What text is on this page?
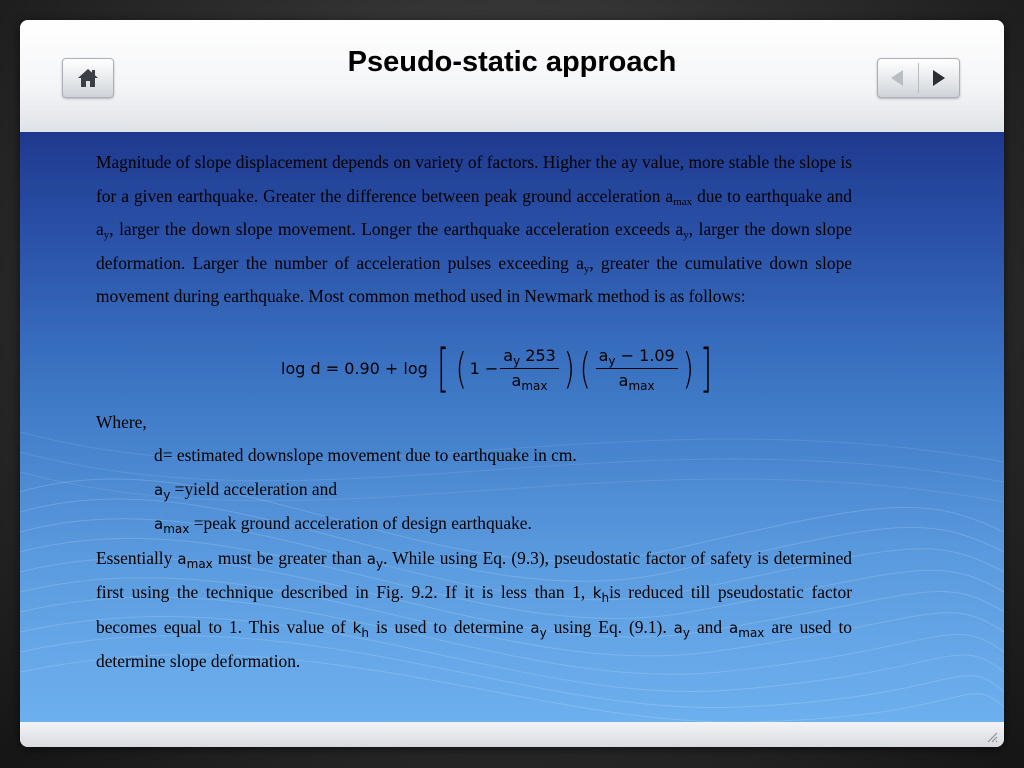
Pseudo-static approach
Magnitude of slope displacement depends on variety of factors. Higher the ay value, more stable the slope is for a given earthquake. Greater the difference between peak ground acceleration $a_{max}$ due to earthquake and $a_y$, larger the down slope movement. Longer the earthquake acceleration exceeds $a_y$, larger the down slope deformation. Larger the number of acceleration pulses exceeding $a_y$, greater the cumulative down slope movement during earthquake. Most common method used in Newmark method is as follows:
log d = 0.90 + log
[ ( $1 - \frac{a_y 253}{a_{max}}$ ) ( $\frac{a_y - 1.09}{a_{max}}$ ) ]
Where,
d= estimated downslope movement due to earthquake in cm.
$a_y$ =yield acceleration and
$a_{max}$ =peak ground acceleration of design earthquake.
Essentially $a_{max}$ must be greater than $a_y$. While using Eq. (9.3), pseudostatic factor of safety is determined first using the technique described in Fig. 9.2. If it is less than 1, $k_his$ reduced till pseudostatic factor becomes equal to 1. This value of $k_h$ is used to determine $a_y$ using Eq. (9.1). $a_y$ and $a_{max}$ are used to determine slope deformation.
